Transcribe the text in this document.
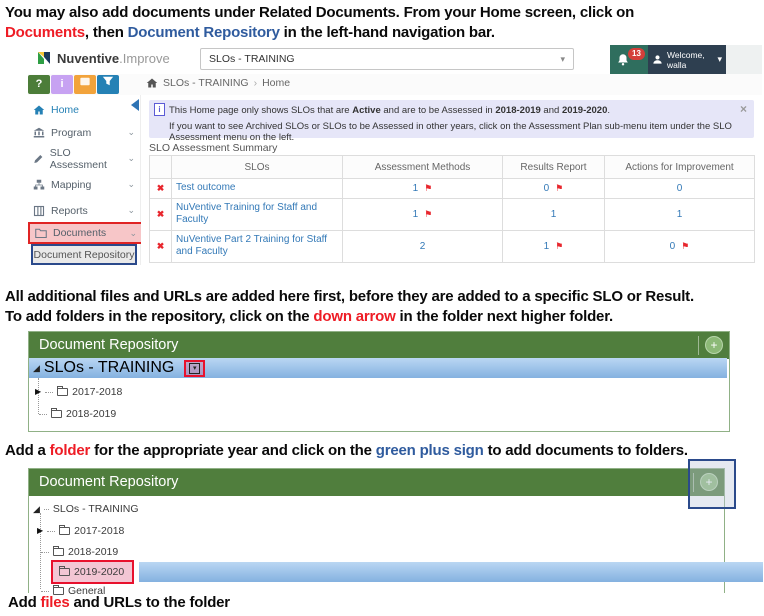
You may also add documents under Related Documents. From your Home screen, click on
Documents, then Document Repository in the left-hand navigation bar.
Nuventive.Improve	SLOs - TRAINING	▾
13	Welcome,
walla
▾
?	i	SLOs - TRAINING › Home
Home
Program	⌄
SLO Assessment
⌄
Mapping	⌄
Reports	⌄
Documents	⌄
Document Repository
i This Home page only shows SLOs that are Active and are to be Assessed in 2018-2019 and 2019-2020.
If you want to see Archived SLOs or SLOs to be Assessed in other years, click on the Assessment Plan sub-menu item under the SLO Assessment menu on the left.
×
SLO Assessment Summary
	SLOs	Assessment Methods	Results Report	Actions for Improvement
✖	Test outcome	1 ⚑	0 ⚑	0
✖	NuVentive Training for Staff and Faculty	1 ⚑	1	1
✖	NuVentive Part 2 Training for Staff and Faculty	2	1 ⚑	0 ⚑
All additional files and URLs are added here first, before they are added to a specific SLO or Result.
To add folders in the repository, click on the down arrow in the folder next higher folder.
Document Repository	+
◢ SLOs - TRAINING	▾
▶	2017-2018
2018-2019
Add a folder for the appropriate year and click on the green plus sign to add documents to folders.
Document Repository	+
◢ SLOs - TRAINING
▶	2017-2018
2018-2019
2019-2020
General
Add files and URLs to the folder
